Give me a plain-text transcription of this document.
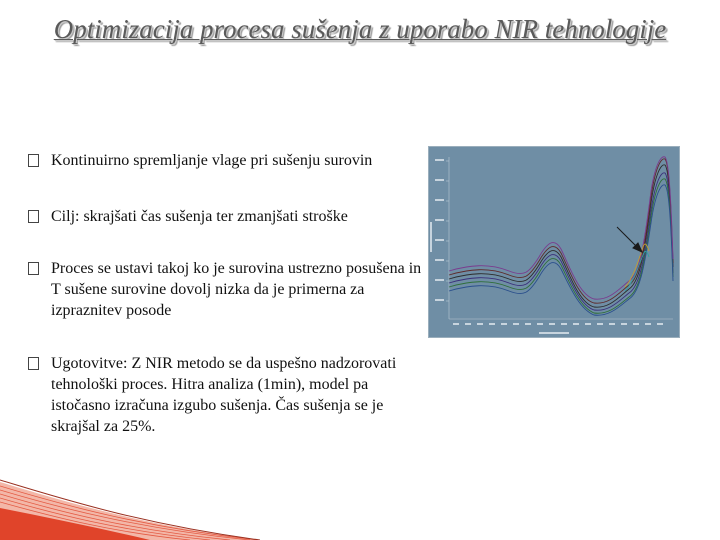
Optimizacija procesa sušenja z uporabo NIR tehnologije
Kontinuirno spremljanje vlage pri sušenju surovin
Cilj: skrajšati čas sušenja ter zmanjšati stroške
Proces se ustavi takoj ko je surovina ustrezno posušena in T sušene surovine dovolj nizka da je primerna za izpraznitev posode
Ugotovitve: Z NIR metodo se da uspešno nadzorovati tehnološki proces. Hitra analiza (1min), model pa istočasno izračuna izgubo sušenja. Čas sušenja se je skrajšal za 25%.
